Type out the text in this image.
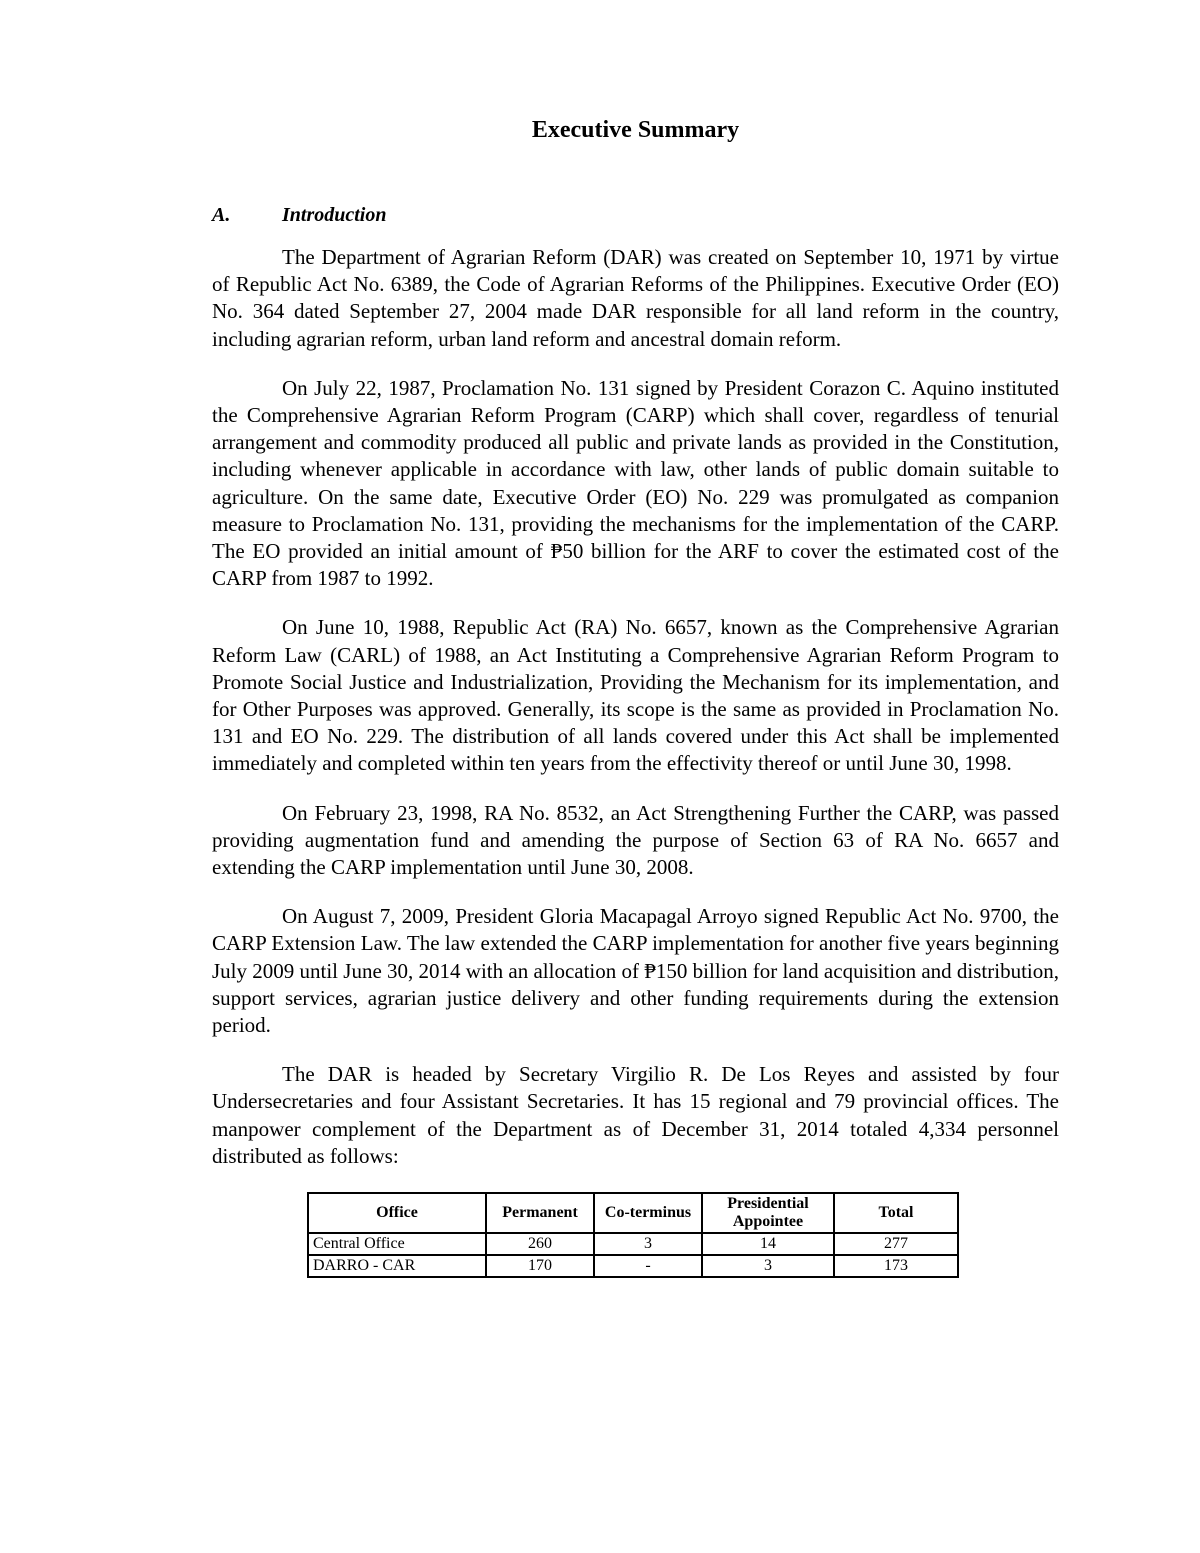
Executive Summary
A.	Introduction

The Department of Agrarian Reform (DAR) was created on September 10, 1971 by virtue of Republic Act No. 6389, the Code of Agrarian Reforms of the Philippines. Executive Order (EO) No. 364 dated September 27, 2004 made DAR responsible for all land reform in the country, including agrarian reform, urban land reform and ancestral domain reform.

On July 22, 1987, Proclamation No. 131 signed by President Corazon C. Aquino instituted the Comprehensive Agrarian Reform Program (CARP) which shall cover, regardless of tenurial arrangement and commodity produced all public and private lands as provided in the Constitution, including whenever applicable in accordance with law, other lands of public domain suitable to agriculture. On the same date, Executive Order (EO) No. 229 was promulgated as companion measure to Proclamation No. 131, providing the mechanisms for the implementation of the CARP. The EO provided an initial amount of ₱50 billion for the ARF to cover the estimated cost of the CARP from 1987 to 1992.

On June 10, 1988, Republic Act (RA) No. 6657, known as the Comprehensive Agrarian Reform Law (CARL) of 1988, an Act Instituting a Comprehensive Agrarian Reform Program to Promote Social Justice and Industrialization, Providing the Mechanism for its implementation, and for Other Purposes was approved. Generally, its scope is the same as provided in Proclamation No. 131 and EO No. 229. The distribution of all lands covered under this Act shall be implemented immediately and completed within ten years from the effectivity thereof or until June 30, 1998.

On February 23, 1998, RA No. 8532, an Act Strengthening Further the CARP, was passed providing augmentation fund and amending the purpose of Section 63 of RA No. 6657 and extending the CARP implementation until June 30, 2008.

On August 7, 2009, President Gloria Macapagal Arroyo signed Republic Act No. 9700, the CARP Extension Law. The law extended the CARP implementation for another five years beginning July 2009 until June 30, 2014 with an allocation of ₱150 billion for land acquisition and distribution, support services, agrarian justice delivery and other funding requirements during the extension period.

The DAR is headed by Secretary Virgilio R. De Los Reyes and assisted by four Undersecretaries and four Assistant Secretaries. It has 15 regional and 79 provincial offices. The manpower complement of the Department as of December 31, 2014 totaled 4,334 personnel distributed as follows:

Office	Permanent	Co-terminus	Presidential Appointee	Total
Central Office	260	3	14	277
DARRO - CAR	170	-	3	173
